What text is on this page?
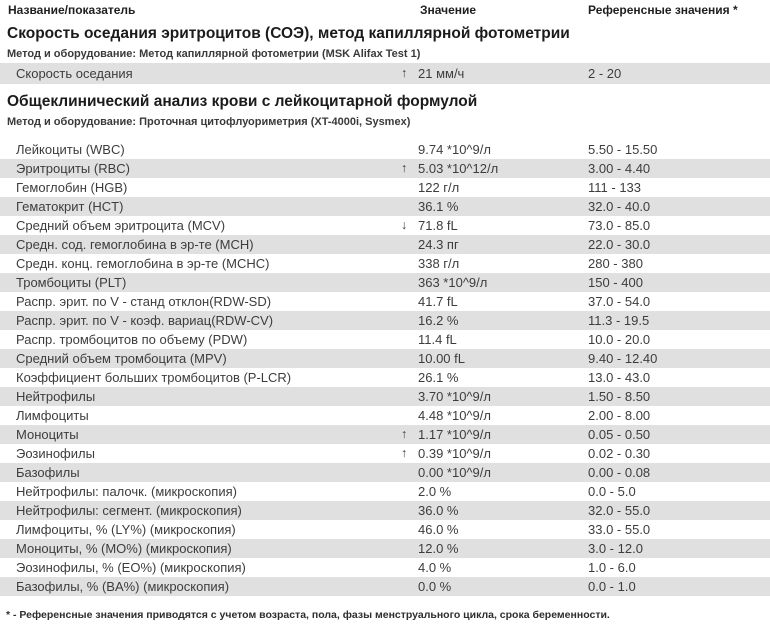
Название/показатель	Значение	Референсные значения *
Скорость оседания эритроцитов (СОЭ), метод капиллярной фотометрии
Метод и оборудование: Метод капиллярной фотометрии (MSK Alifax Test 1)
Скорость оседания	↑ 21 мм/ч	2 - 20
Общеклинический анализ крови с лейкоцитарной формулой
Метод и оборудование: Проточная цитофлуориметрия (XT-4000i, Sysmex)
Лейкоциты (WBC)	9.74 *10^9/л	5.50 - 15.50
Эритроциты (RBC)	↑ 5.03 *10^12/л	3.00 - 4.40
Гемоглобин (HGB)	122 г/л	111 - 133
Гематокрит (HCT)	36.1 %	32.0 - 40.0
Средний объем эритроцита (MCV)	↓ 71.8 fL	73.0 - 85.0
Средн. сод. гемоглобина в эр-те (MCH)	24.3 пг	22.0 - 30.0
Средн. конц. гемоглобина в эр-те (MCHC)	338 г/л	280 - 380
Тромбоциты (PLT)	363 *10^9/л	150 - 400
Распр. эрит. по V - станд отклон(RDW-SD)	41.7 fL	37.0 - 54.0
Распр. эрит. по V - коэф. вариац(RDW-CV)	16.2 %	11.3 - 19.5
Распр. тромбоцитов по объему (PDW)	11.4 fL	10.0 - 20.0
Средний объем тромбоцита (MPV)	10.00 fL	9.40 - 12.40
Коэффициент больших тромбоцитов (P-LCR)	26.1 %	13.0 - 43.0
Нейтрофилы	3.70 *10^9/л	1.50 - 8.50
Лимфоциты	4.48 *10^9/л	2.00 - 8.00
Моноциты	↑ 1.17 *10^9/л	0.05 - 0.50
Эозинофилы	↑ 0.39 *10^9/л	0.02 - 0.30
Базофилы	0.00 *10^9/л	0.00 - 0.08
Нейтрофилы: палочк. (микроскопия)	2.0 %	0.0 - 5.0
Нейтрофилы: сегмент. (микроскопия)	36.0 %	32.0 - 55.0
Лимфоциты, % (LY%) (микроскопия)	46.0 %	33.0 - 55.0
Моноциты, % (MO%) (микроскопия)	12.0 %	3.0 - 12.0
Эозинофилы, % (EO%) (микроскопия)	4.0 %	1.0 - 6.0
Базофилы, % (BA%) (микроскопия)	0.0 %	0.0 - 1.0
* - Референсные значения приводятся с учетом возраста, пола, фазы менструального цикла, срока беременности.
